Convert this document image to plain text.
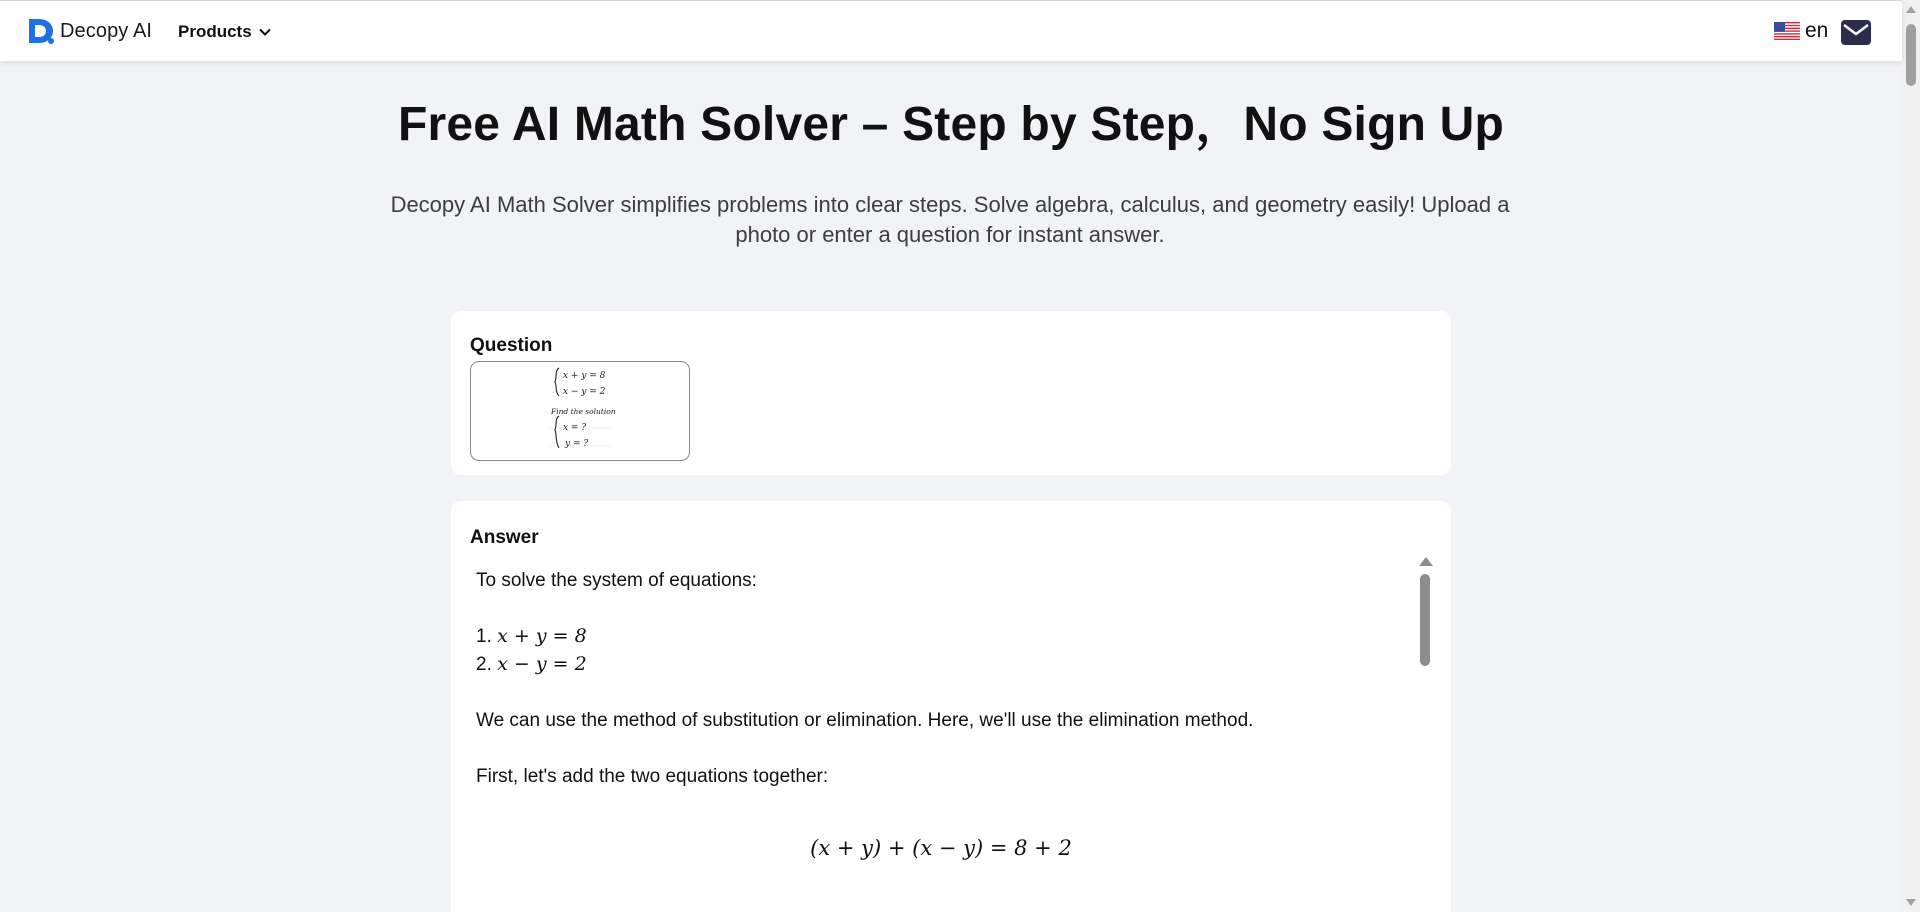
Decopy AI Products	en
Free AI Math Solver – Step by Step，No Sign Up

Decopy AI Math Solver simplifies problems into clear steps. Solve algebra, calculus, and geometry easily! Upload a photo or enter a question for instant answer.

Question
x + y = 8
x − y = 2
Find the solution
x = ?
y = ?
Answer
To solve the system of equations:
1. x + y = 8
2. x − y = 2
We can use the method of substitution or elimination. Here, we'll use the elimination method.
First, let's add the two equations together:
(x + y) + (x − y) = 8 + 2
